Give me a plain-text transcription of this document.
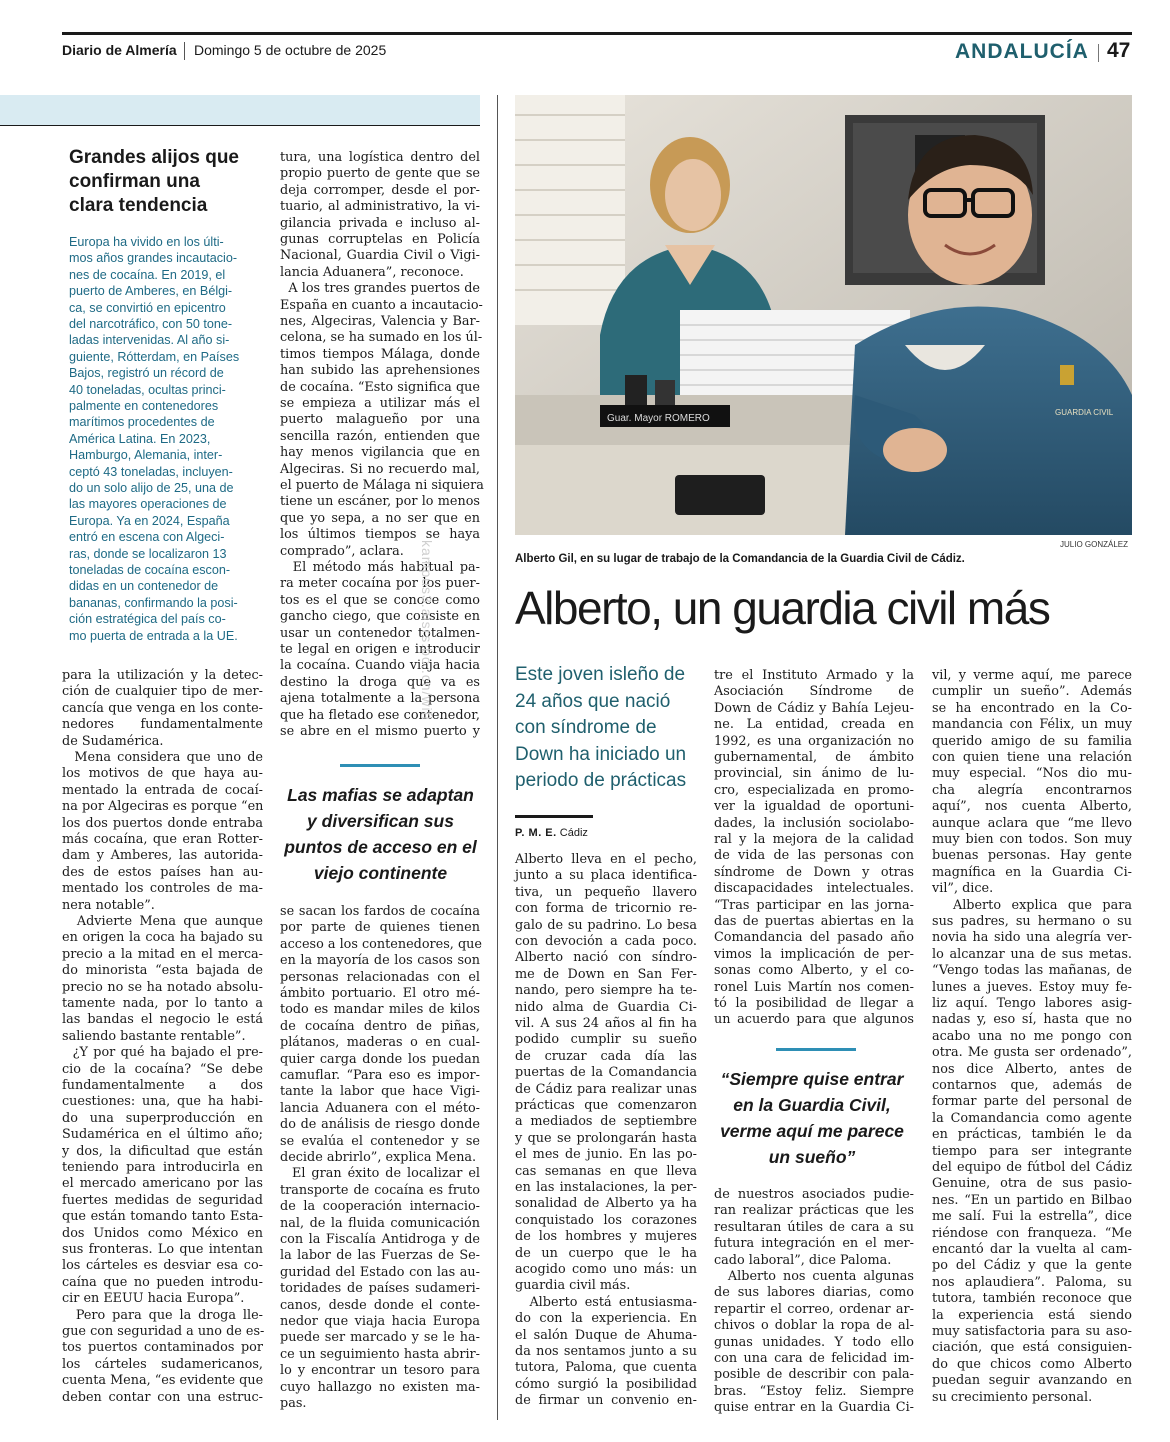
Diario de Almería Domingo 5 de octubre de 2025	ANDALUCÍA 47
Grandes alijos que
confirman una
clara tendencia
Europa ha vivido en los últi-
mos años grandes incautacio-
nes de cocaína. En 2019, el
puerto de Amberes, en Bélgi-
ca, se convirtió en epicentro
del narcotráfico, con 50 tone-
ladas intervenidas. Al año si-
guiente, Rótterdam, en Países
Bajos, registró un récord de
40 toneladas, ocultas princi-
palmente en contenedores
marítimos procedentes de
América Latina. En 2023,
Hamburgo, Alemania, inter-
ceptó 43 toneladas, incluyen-
do un solo alijo de 25, una de
las mayores operaciones de
Europa. Ya en 2024, España
entró en escena con Algeci-
ras, donde se localizaron 13
toneladas de cocaína escon-
didas en un contenedor de
bananas, confirmando la posi-
ción estratégica del país co-
mo puerta de entrada a la UE.
para la utilización y la detec-
ción de cualquier tipo de mer-
cancía que venga en los conte-
nedores fundamentalmente
de Sudamérica.
Mena considera que uno de
los motivos de que haya au-
mentado la entrada de cocaí-
na por Algeciras es porque “en
los dos puertos donde entraba
más cocaína, que eran Rotter-
dam y Amberes, las autorida-
des de estos países han au-
mentado los controles de ma-
nera notable”.
Advierte Mena que aunque
en origen la coca ha bajado su
precio a la mitad en el merca-
do minorista “esta bajada de
precio no se ha notado absolu-
tamente nada, por lo tanto a
las bandas el negocio le está
saliendo bastante rentable”.
¿Y por qué ha bajado el pre-
cio de la cocaína? “Se debe
fundamentalmente a dos
cuestiones: una, que ha habi-
do una superproducción en
Sudamérica en el último año;
y dos, la dificultad que están
teniendo para introducirla en
el mercado americano por las
fuertes medidas de seguridad
que están tomando tanto Esta-
dos Unidos como México en
sus fronteras. Lo que intentan
los cárteles es desviar esa co-
caína que no pueden introdu-
cir en EEUU hacia Europa”.
Pero para que la droga lle-
gue con seguridad a uno de es-
tos puertos contaminados por
los cárteles sudamericanos,
cuenta Mena, “es evidente que
deben contar con una estruc-
tura, una logística dentro del
propio puerto de gente que se
deja corromper, desde el por-
tuario, al administrativo, la vi-
gilancia privada e incluso al-
gunas corruptelas en Policía
Nacional, Guardia Civil o Vigi-
lancia Aduanera”, reconoce.
A los tres grandes puertos de
España en cuanto a incautacio-
nes, Algeciras, Valencia y Bar-
celona, se ha sumado en los úl-
timos tiempos Málaga, donde
han subido las aprehensiones
de cocaína. “Esto significa que
se empieza a utilizar más el
puerto malagueño por una
sencilla razón, entienden que
hay menos vigilancia que en
Algeciras. Si no recuerdo mal,
el puerto de Málaga ni siquiera
tiene un escáner, por lo menos
que yo sepa, a no ser que en
los últimos tiempos se haya
comprado”, aclara.
El método más habitual pa-
ra meter cocaína por los puer-
tos es el que se conoce como
gancho ciego, que consiste en
usar un contenedor totalmen-
te legal en origen e introducir
la cocaína. Cuando viaja hacia
destino la droga que va es
ajena totalmente a la persona
que ha fletado ese contenedor,
se abre en el mismo puerto y
se sacan los fardos de cocaína
por parte de quienes tienen
acceso a los contenedores, que
en la mayoría de los casos son
personas relacionadas con el
ámbito portuario. El otro mé-
todo es mandar miles de kilos
de cocaína dentro de piñas,
plátanos, maderas o en cual-
quier carga donde los puedan
camuflar. “Para eso es impor-
tante la labor que hace Vigi-
lancia Aduanera con el méto-
do de análisis de riesgo donde
se evalúa el contenedor y se
decide abrirlo”, explica Mena.
El gran éxito de localizar el
transporte de cocaína es fruto
de la cooperación internacio-
nal, de la fluida comunicación
con la Fiscalía Antidroga y de
la labor de las Fuerzas de Se-
guridad del Estado con las au-
toridades de países sudameri-
canos, desde donde el conte-
nedor que viaja hacia Europa
puede ser marcado y se le ha-
ce un seguimiento hasta abrir-
lo y encontrar un tesoro para
cuyo hallazgo no existen ma-
pas.
Alberto lleva en el pecho,
junto a su placa identifica-
tiva, un pequeño llavero
con forma de tricornio re-
galo de su padrino. Lo besa
con devoción a cada poco.
Alberto nació con síndro-
me de Down en San Fer-
nando, pero siempre ha te-
nido alma de Guardia Ci-
vil. A sus 24 años al fin ha
podido cumplir su sueño
de cruzar cada día las
puertas de la Comandancia
de Cádiz para realizar unas
prácticas que comenzaron
a mediados de septiembre
y que se prolongarán hasta
el mes de junio. En las po-
cas semanas en que lleva
en las instalaciones, la per-
sonalidad de Alberto ya ha
conquistado los corazones
de los hombres y mujeres
de un cuerpo que le ha
acogido como uno más: un
guardia civil más.
Alberto está entusiasma-
do con la experiencia. En
el salón Duque de Ahuma-
da nos sentamos junto a su
tutora, Paloma, que cuenta
cómo surgió la posibilidad
de firmar un convenio en-
tre el Instituto Armado y la
Asociación Síndrome de
Down de Cádiz y Bahía Lejeu-
ne. La entidad, creada en
1992, es una organización no
gubernamental, de ámbito
provincial, sin ánimo de lu-
cro, especializada en promo-
ver la igualdad de oportuni-
dades, la inclusión sociolabo-
ral y la mejora de la calidad
de vida de las personas con
síndrome de Down y otras
discapacidades intelectuales.
“Tras participar en las jorna-
das de puertas abiertas en la
Comandancia del pasado año
vimos la implicación de per-
sonas como Alberto, y el co-
ronel Luis Martín nos comen-
tó la posibilidad de llegar a
un acuerdo para que algunos
de nuestros asociados pudie-
ran realizar prácticas que les
resultaran útiles de cara a su
futura integración en el mer-
cado laboral”, dice Paloma.
Alberto nos cuenta algunas
de sus labores diarias, como
repartir el correo, ordenar ar-
chivos o doblar la ropa de al-
gunas unidades. Y todo ello
con una cara de felicidad im-
posible de describir con pala-
bras. “Estoy feliz. Siempre
quise entrar en la Guardia Ci-
vil, y verme aquí, me parece
cumplir un sueño”. Además
se ha encontrado en la Co-
mandancia con Félix, un muy
querido amigo de su familia
con quien tiene una relación
muy especial. “Nos dio mu-
cha alegría encontrarnos
aquí”, nos cuenta Alberto,
aunque aclara que “me llevo
muy bien con todos. Son muy
buenas personas. Hay gente
magnífica en la Guardia Ci-
vil”, dice.
Alberto explica que para
sus padres, su hermano o su
novia ha sido una alegría ver-
lo alcanzar una de sus metas.
“Vengo todas las mañanas, de
lunes a jueves. Estoy muy fe-
liz aquí. Tengo labores asig-
nadas y, eso sí, hasta que no
acabo una no me pongo con
otra. Me gusta ser ordenado”,
nos dice Alberto, antes de
contarnos que, además de
formar parte del personal de
la Comandancia como agente
en prácticas, también le da
tiempo para ser integrante
del equipo de fútbol del Cádiz
Genuine, otra de sus pasio-
nes. “En un partido en Bilbao
me salí. Fui la estrella”, dice
riéndose con franqueza. “Me
encantó dar la vuelta al cam-
po del Cádiz y que la gente
nos aplaudiera”. Paloma, su
tutora, también reconoce que
la experiencia está siendo
muy satisfactoria para su aso-
ciación, que está consiguien-
do que chicos como Alberto
puedan seguir avanzando en
su crecimiento personal.
Las mafias se adaptan
y diversifican sus
puntos de acceso en el
viejo continente
Guar. Mayor ROMERO
GUARDIA CIVIL
JULIO GONZÁLEZ
Alberto Gil, en su lugar de trabajo de la Comandancia de la Guardia Civil de Cádiz.
Alberto, un guardia civil más
Este joven isleño de
24 años que nació
con síndrome de
Down ha iniciado un
periodo de prácticas
P. M. E. Cádiz
“Siempre quise entrar
en la Guardia Civil,
verme aquí me parece
un sueño”
kampus3.aisrs.bc..cn/wifi
